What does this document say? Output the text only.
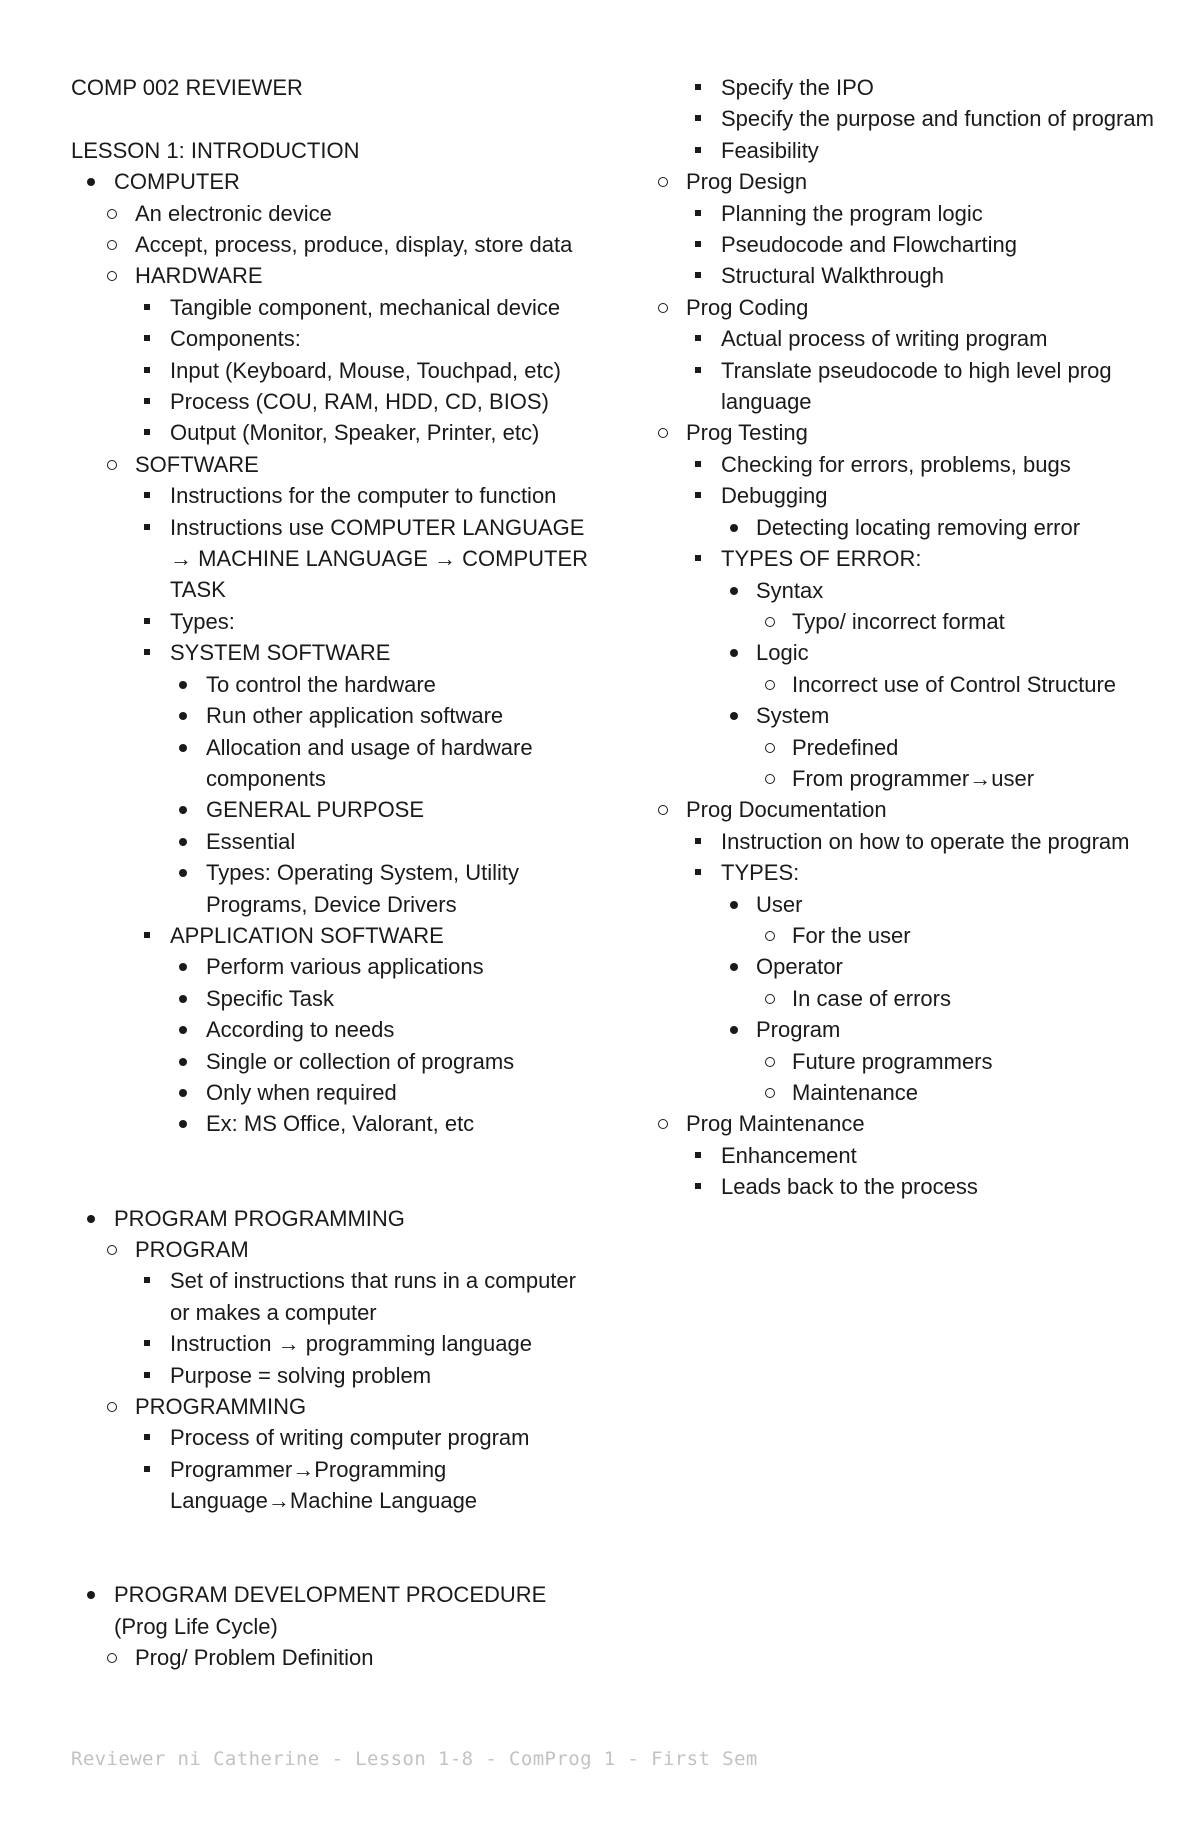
COMP 002 REVIEWER
LESSON 1: INTRODUCTION
COMPUTER
An electronic device
Accept, process, produce, display, store data
HARDWARE
Tangible component, mechanical device
Components:
Input (Keyboard, Mouse, Touchpad, etc)
Process (COU, RAM, HDD, CD, BIOS)
Output (Monitor, Speaker, Printer, etc)
SOFTWARE
Instructions for the computer to function
Instructions use COMPUTER LANGUAGE → MACHINE LANGUAGE → COMPUTER TASK
Types:
SYSTEM SOFTWARE
To control the hardware
Run other application software
Allocation and usage of hardware components
GENERAL PURPOSE
Essential
Types: Operating System, Utility Programs, Device Drivers
APPLICATION SOFTWARE
Perform various applications
Specific Task
According to needs
Single or collection of programs
Only when required
Ex: MS Office, Valorant, etc
PROGRAM PROGRAMMING
PROGRAM
Set of instructions that runs in a computer or makes a computer
Instruction → programming language
Purpose = solving problem
PROGRAMMING
Process of writing computer program
Programmer→Programming Language→Machine Language
PROGRAM DEVELOPMENT PROCEDURE (Prog Life Cycle)
Prog/ Problem Definition
Specify the IPO
Specify the purpose and function of program
Feasibility
Prog Design
Planning the program logic
Pseudocode and Flowcharting
Structural Walkthrough
Prog Coding
Actual process of writing program
Translate pseudocode to high level prog language
Prog Testing
Checking for errors, problems, bugs
Debugging
Detecting locating removing error
TYPES OF ERROR:
Syntax
Typo/ incorrect format
Logic
Incorrect use of Control Structure
System
Predefined
From programmer→user
Prog Documentation
Instruction on how to operate the program
TYPES:
User
For the user
Operator
In case of errors
Program
Future programmers
Maintenance
Prog Maintenance
Enhancement
Leads back to the process
Reviewer ni Catherine - Lesson 1-8 - ComProg 1 - First Sem
